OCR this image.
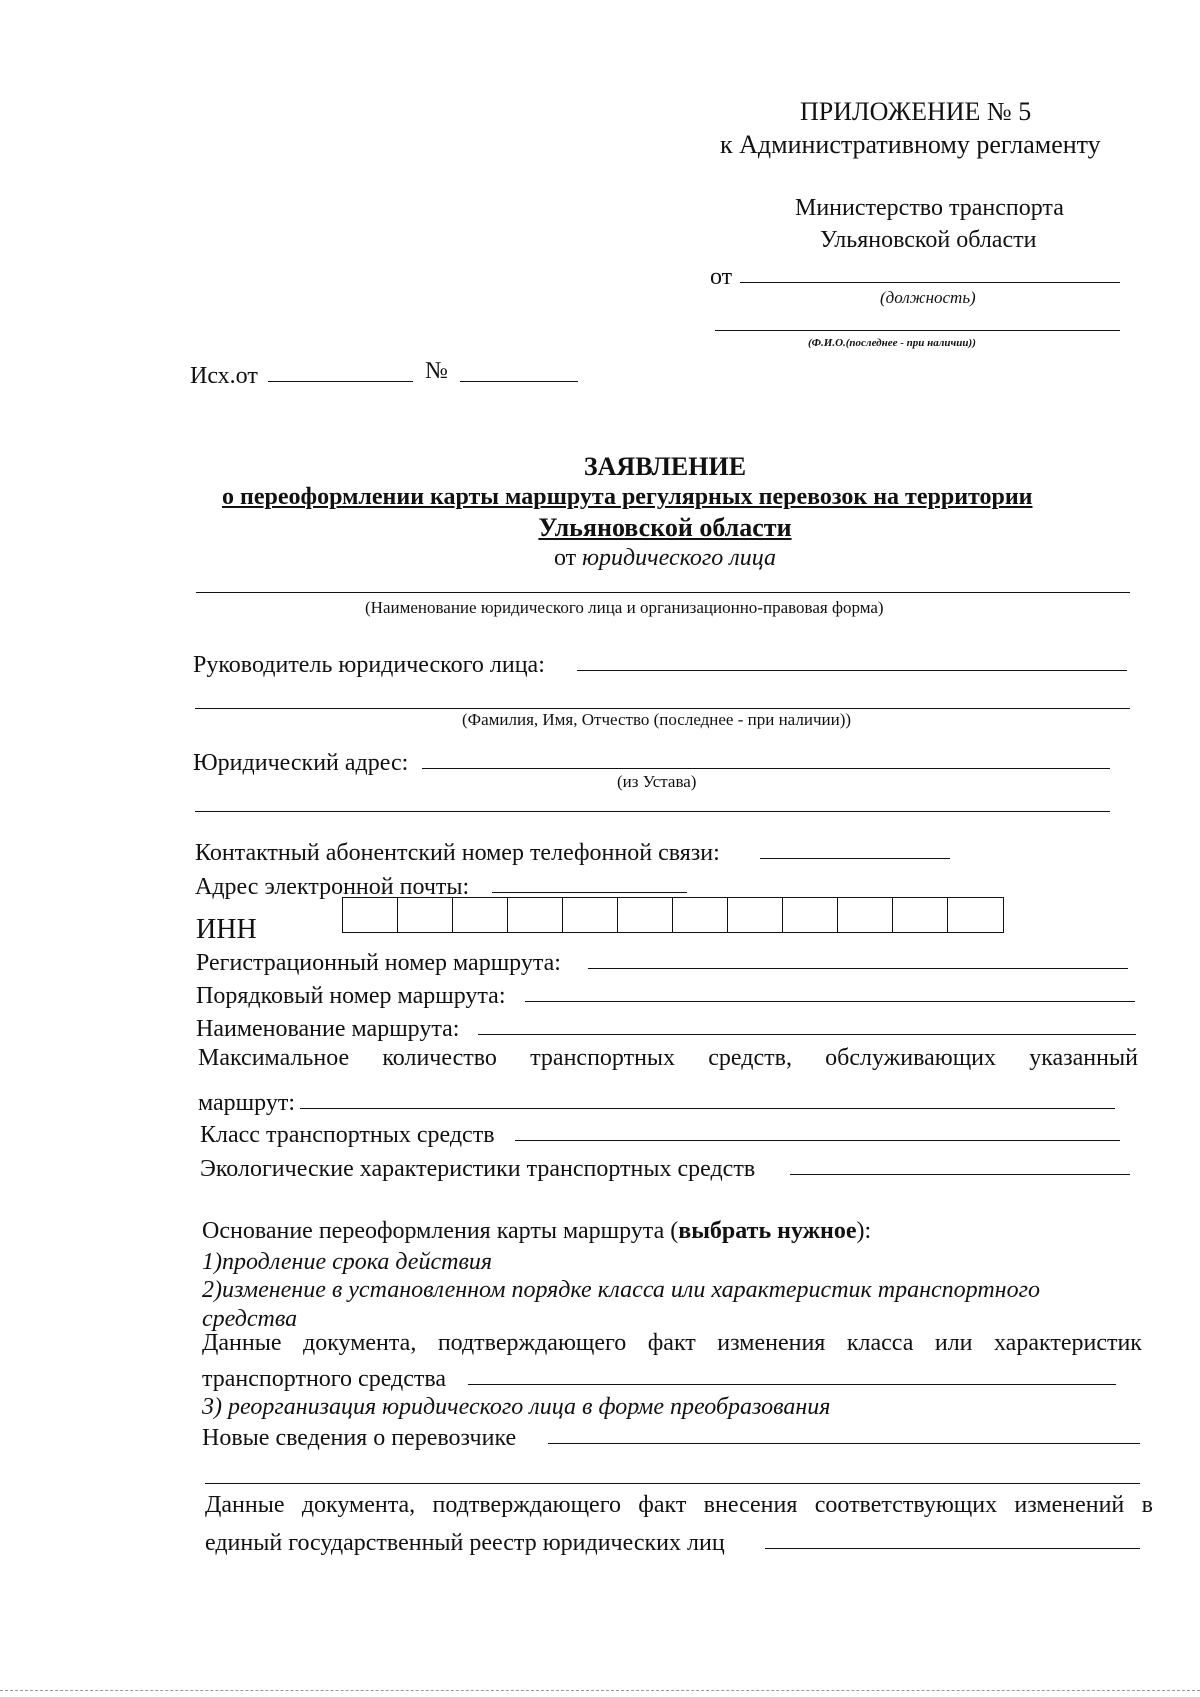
ПРИЛОЖЕНИЕ № 5
к Административному регламенту
Министерство транспорта
Ульяновской области
от
(должность)
(Ф.И.О.(последнее - при наличии))
Исх.от	№
ЗАЯВЛЕНИЕ
о переоформлении карты маршрута регулярных перевозок на территории
Ульяновской области
от юридического лица
(Наименование юридического лица и организационно-правовая форма)
Руководитель юридического лица:
(Фамилия, Имя, Отчество (последнее - при наличии))
Юридический адрес:
(из Устава)
Контактный абонентский номер телефонной связи:
Адрес электронной почты:
ИНН
Регистрационный номер маршрута:
Порядковый номер маршрута:
Наименование маршрута:
Максимальное количество транспортных средств, обслуживающих указанный
маршрут:
Класс транспортных средств
Экологические характеристики транспортных средств
Основание переоформления карты маршрута (выбрать нужное):
1)продление срока действия
2)изменение в установленном порядке класса или характеристик транспортного
средства
Данные документа, подтверждающего факт изменения класса или характеристик
транспортного средства
3) реорганизация юридического лица в форме преобразования
Новые сведения о перевозчике
Данные документа, подтверждающего факт внесения соответствующих изменений в
единый государственный реестр юридических лиц
